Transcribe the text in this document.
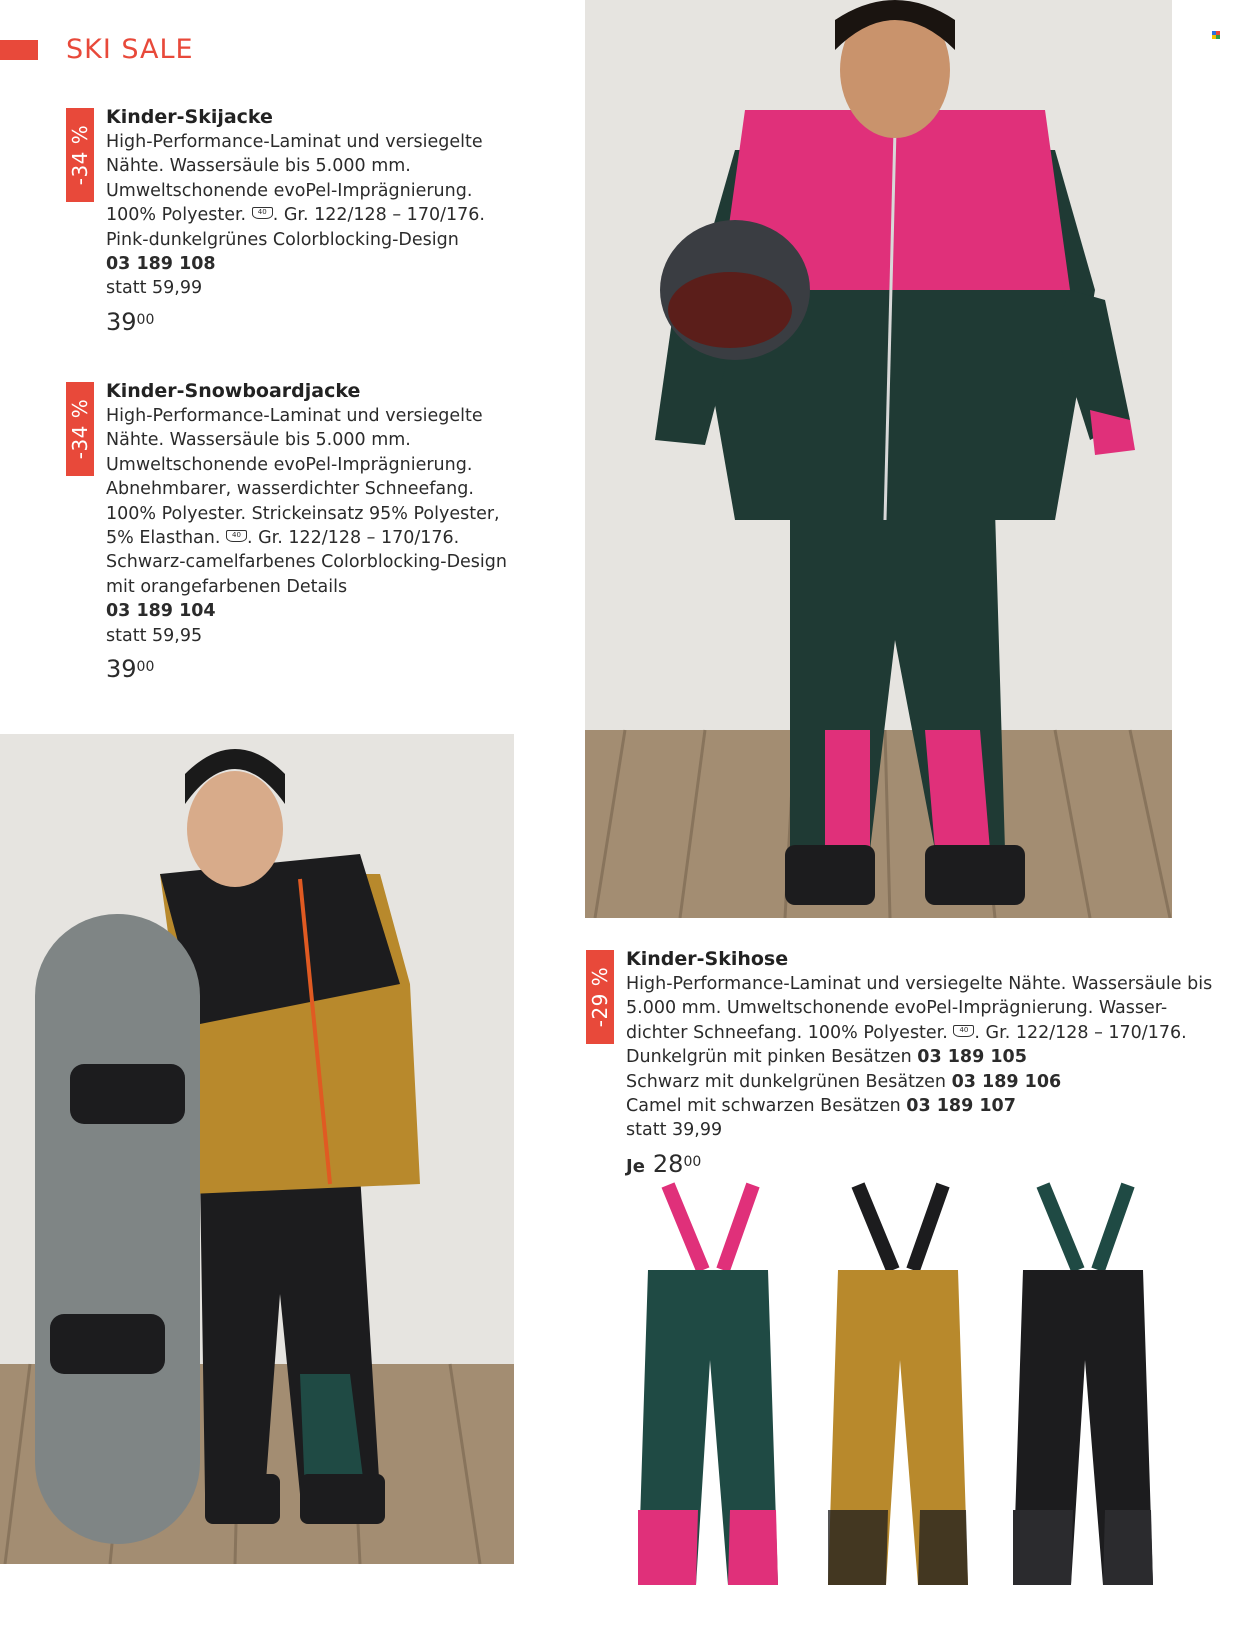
SKI SALE
-34 %
Kinder-Skijacke
High-Performance-Laminat und versiegelte
Nähte. Wassersäule bis 5.000 mm.
Umweltschonende evoPel-Imprägnierung.
100% Polyester. 40 . Gr. 122/128 – 170/176.
Pink-dunkelgrünes Colorblocking-Design
03 189 108
statt 59,99
$39^{00}$
-34 %
Kinder-Snowboardjacke
High-Performance-Laminat und versiegelte
Nähte. Wassersäule bis 5.000 mm.
Umweltschonende evoPel-Imprägnierung.
Abnehmbarer, wasserdichter Schneefang.
100% Polyester. Strickeinsatz 95% Polyester,
5% Elasthan. 40 . Gr. 122/128 – 170/176.
Schwarz-camelfarbenes Colorblocking-Design
mit orangefarbenen Details
03 189 104
statt 59,95
$39^{00}$
-29 %
Kinder-Skihose
High-Performance-Laminat und versiegelte Nähte. Wassersäule bis
5.000 mm. Umweltschonende evoPel-Imprägnierung. Wasser-
dichter Schneefang. 100% Polyester. 40 . Gr. 122/128 – 170/176.
Dunkelgrün mit pinken Besätzen 03 189 105
Schwarz mit dunkelgrünen Besätzen 03 189 106
Camel mit schwarzen Besätzen 03 189 107
statt 39,99
Je $28^{00}$
